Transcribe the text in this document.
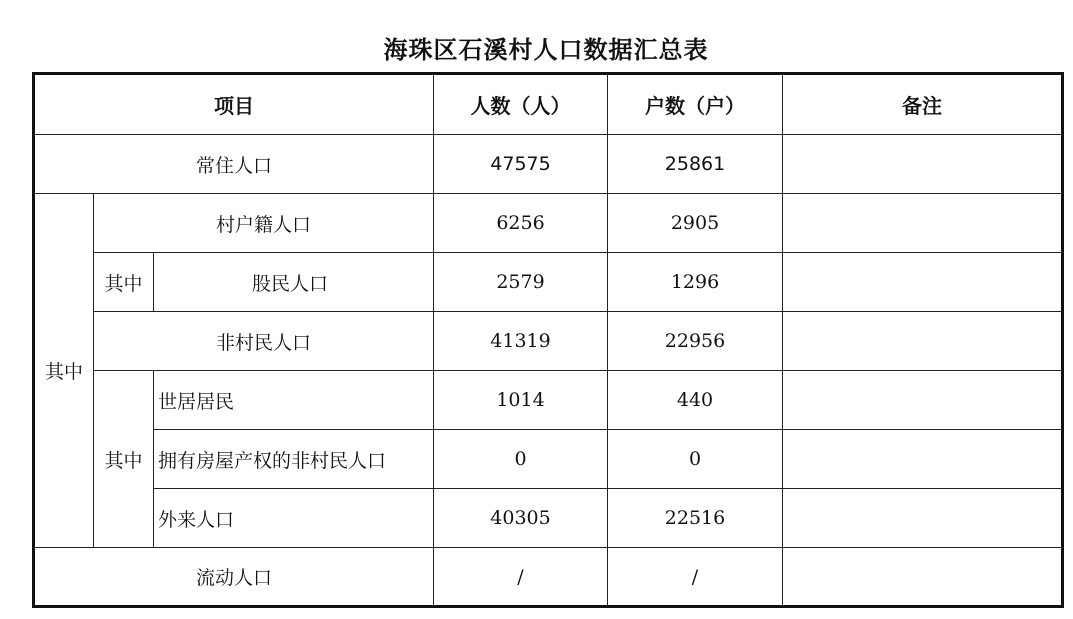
海珠区石溪村人口数据汇总表
项目			人数（人）	户数（户）	备注
常住人口			47575	25861	
其中	村户籍人口		6256	2905	
	其中	股民人口	2579	1296	
	非村民人口		41319	22956	
	其中	世居居民	1014	440	
		拥有房屋产权的非村民人口	0	0	
		外来人口	40305	22516	
流动人口			/	/	
